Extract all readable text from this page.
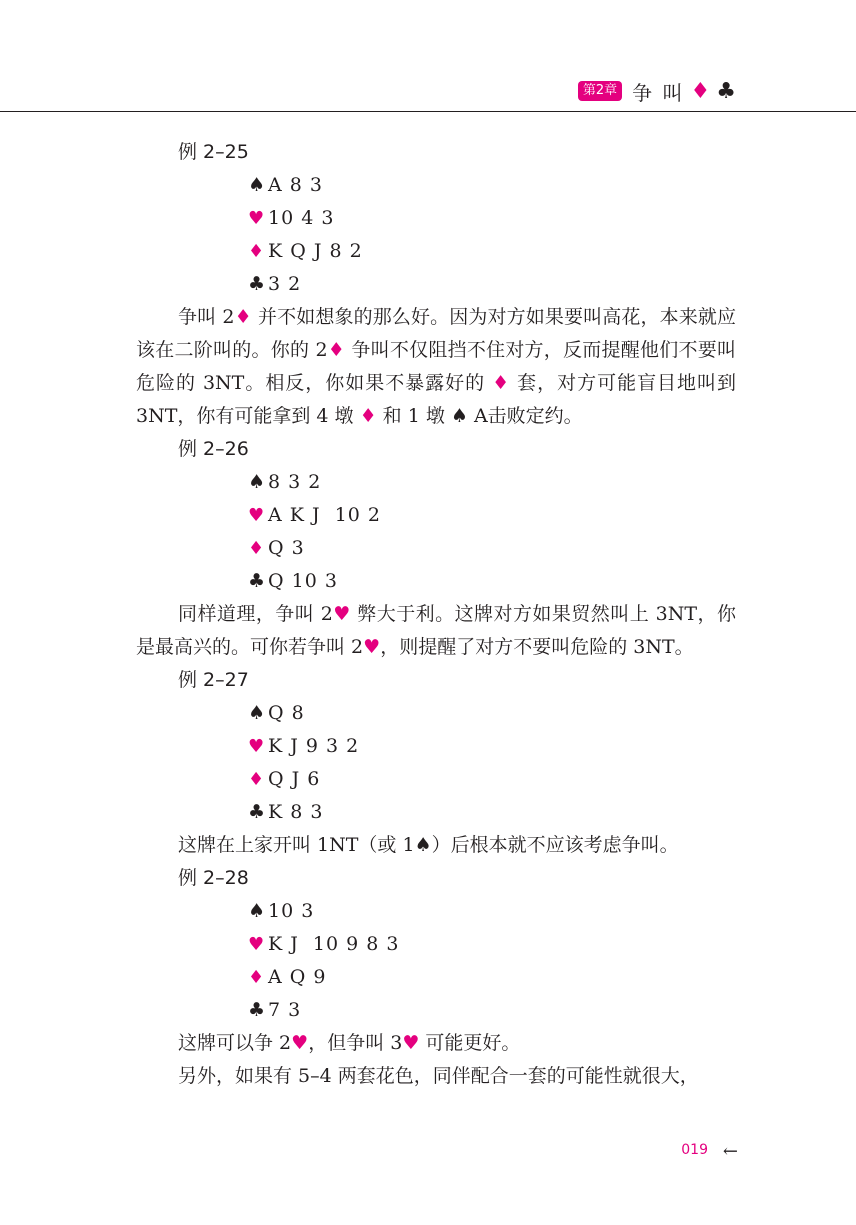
第2章 争 叫 ♦ ♣
例 2–25
♠ A 8 3
♥ 10 4 3
♦ K Q J 8 2
♣ 3 2

争叫 2♦ 并不如想象的那么好。因为对方如果要叫高花，本来就应该在二阶叫的。你的 2♦ 争叫不仅阻挡不住对方，反而提醒他们不要叫危险的 3NT。相反，你如果不暴露好的 ♦ 套，对方可能盲目地叫到 3NT，你有可能拿到 4 墩 ♦ 和 1 墩 ♠ A击败定约。

例 2–26
♠ 8 3 2
♥ A K J  10 2
♦ Q 3
♣ Q 10 3

同样道理，争叫 2♥ 弊大于利。这牌对方如果贸然叫上 3NT，你是最高兴的。可你若争叫 2♥，则提醒了对方不要叫危险的 3NT。

例 2–27
♠ Q 8
♥ K J 9 3 2
♦ Q J 6
♣ K 8 3

这牌在上家开叫 1NT（或 1♠）后根本就不应该考虑争叫。

例 2–28
♠ 10 3
♥ K J  10 9 8 3
♦ A Q 9
♣ 7 3

这牌可以争 2♥，但争叫 3♥ 可能更好。

另外，如果有 5–4 两套花色，同伴配合一套的可能性就很大，

019 ←
